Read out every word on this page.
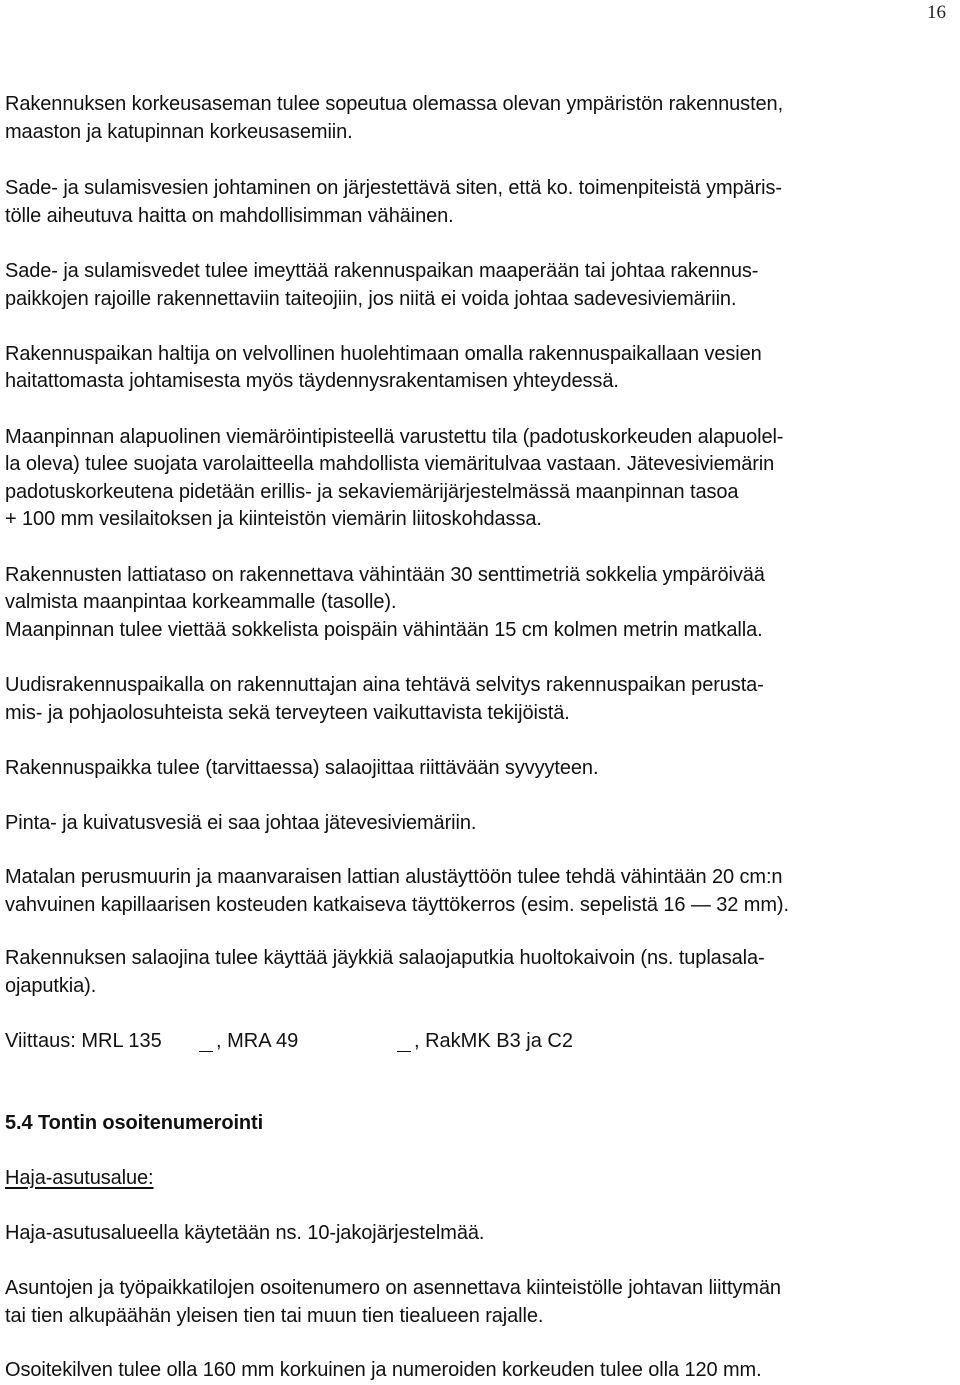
16
Rakennuksen korkeusaseman tulee sopeutua olemassa olevan ympäristön rakennusten,
maaston ja katupinnan korkeusasemiin.
Sade- ja sulamisvesien johtaminen on järjestettävä siten, että ko. toimenpiteistä ympäris-
tölle aiheutuva haitta on mahdollisimman vähäinen.
Sade- ja sulamisvedet tulee imeyttää rakennuspaikan maaperään tai johtaa rakennus-
paikkojen rajoille rakennettaviin taiteojiin, jos niitä ei voida johtaa sadevesiviemäriin.
Rakennuspaikan haltija on velvollinen huolehtimaan omalla rakennuspaikallaan vesien
haitattomasta johtamisesta myös täydennysrakentamisen yhteydessä.
Maanpinnan alapuolinen viemäröintipisteellä varustettu tila (padotuskorkeuden alapuolel-
la oleva) tulee suojata varolaitteella mahdollista viemäritulvaa vastaan. Jätevesiviemärin
padotuskorkeutena pidetään erillis- ja sekaviemärijärjestelmässä maanpinnan tasoa
+ 100 mm vesilaitoksen ja kiinteistön viemärin liitoskohdassa.
Rakennusten lattiataso on rakennettava vähintään 30 senttimetriä sokkelia ympäröivää
valmista maanpintaa korkeammalle (tasolle).
Maanpinnan tulee viettää sokkelista poispäin vähintään 15 cm kolmen metrin matkalla.
Uudisrakennuspaikalla on rakennuttajan aina tehtävä selvitys rakennuspaikan perusta-
mis- ja pohjaolosuhteista sekä terveyteen vaikuttavista tekijöistä.
Rakennuspaikka tulee (tarvittaessa) salaojittaa riittävään syvyyteen.
Pinta- ja kuivatusvesiä ei saa johtaa jätevesiviemäriin.
Matalan perusmuurin ja maanvaraisen lattian alustäyttöön tulee tehdä vähintään 20 cm:n
vahvuinen kapillaarisen kosteuden katkaiseva täyttökerros (esim. sepelistä 16 — 32 mm).
Rakennuksen salaojina tulee käyttää jäykkiä salaojaputkia huoltokaivoin (ns. tuplasala-
ojaputkia).
Viittaus: MRL 135	, MRA 49	, RakMK B3 ja C2
5.4 Tontin osoitenumerointi
Haja-asutusalue:
Haja-asutusalueella käytetään ns. 10-jakojärjestelmää.
Asuntojen ja työpaikkatilojen osoitenumero on asennettava kiinteistölle johtavan liittymän
tai tien alkupäähän yleisen tien tai muun tien tiealueen rajalle.
Osoitekilven tulee olla 160 mm korkuinen ja numeroiden korkeuden tulee olla 120 mm.
